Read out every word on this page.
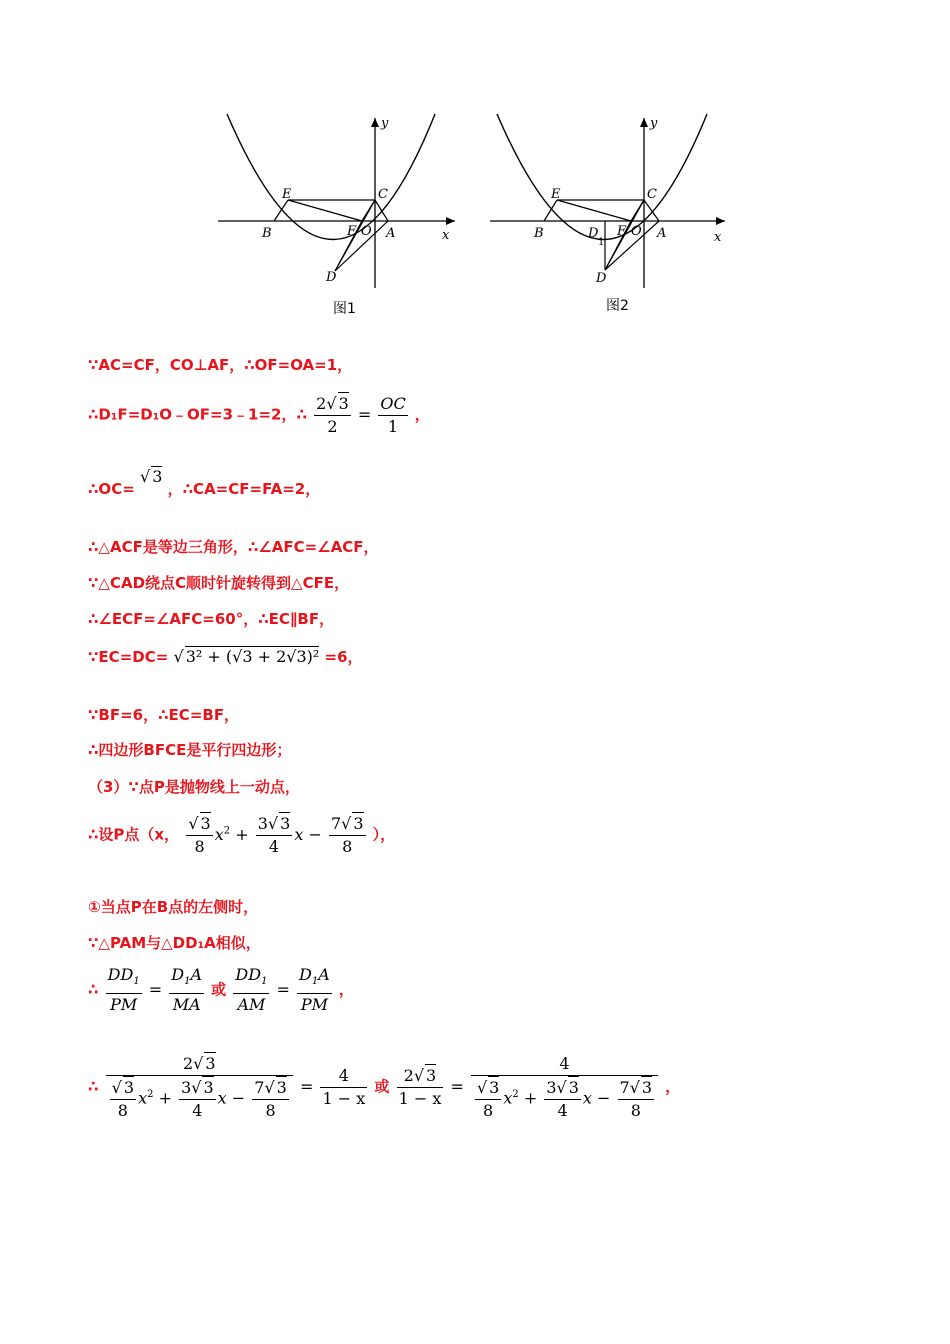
E	C
B	F O A
D
x
y
图1
E	C
B	D
1
F O A
D
x
y
图2
∵AC=CF，CO⊥AF，∴OF=OA=1，
∴D₁F=D₁O﹣OF=3﹣1=2，∴ $\frac{2√ 3}{2} = \frac{OC}{1}$ ，
∴OC= √ 3 ，∴CA=CF=FA=2，
∴△ACF是等边三角形，∴∠AFC=∠ACF，
∵△CAD绕点C顺时针旋转得到△CFE，
∴∠ECF=∠AFC=60°，∴EC∥BF，
∵EC=DC= √ 3² + (√3 + 2√3)² =6，
∵BF=6，∴EC=BF，
∴四边形BFCE是平行四边形；
（3）∵点P是抛物线上一动点，
∴设P点（x， $\frac{√ 3}{8} x^2 + \frac{3√ 3}{4}$ $x - \frac{7√ 3}{8}$ ），
①当点P在B点的左侧时，
∵△PAM与△DD₁A相似，
∴ $\frac{DD_1}{PM} = \frac{D_1A}{MA}$ 或 $\frac{DD_1}{AM} = \frac{D_1A}{PM}$ ，
∴ $\frac{2√ 3}{\frac{√ 3}{8} x^2 + \frac{3√ 3}{4} x - \frac{7√ 3}{8}} = \frac{4}{1 - x}$ 或 $\frac{2√ 3}{1 - x} = \frac{4}{\frac{√ 3}{8} x^2 + \frac{3√ 3}{4} x - \frac{7√ 3}{8}}$ ，
